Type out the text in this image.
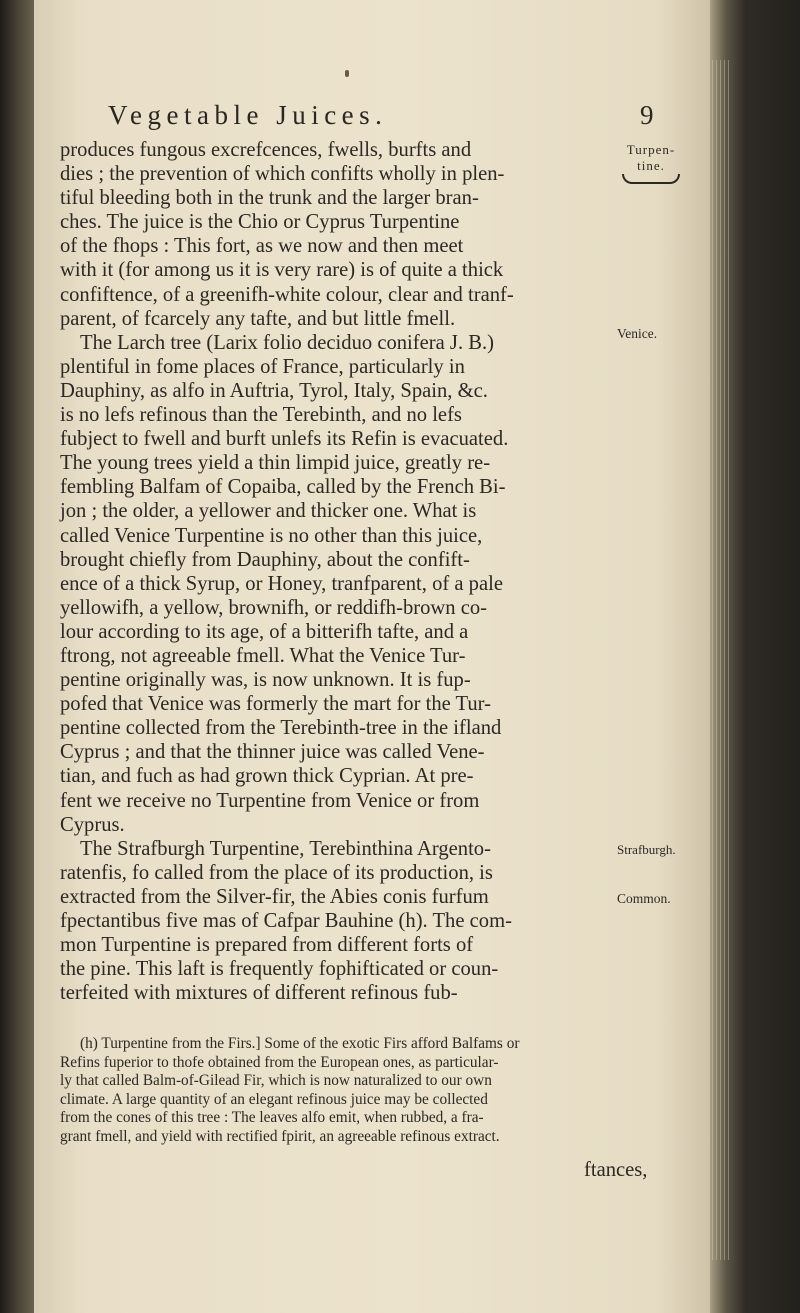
Vegetable Juices.	9
Turpen-
tine.
Venice.
Strafburgh.
Common.
produces fungous excrefcences, fwells, burfts and
dies ; the prevention of which confifts wholly in plen-
tiful bleeding both in the trunk and the larger bran-
ches. The juice is the Chio or Cyprus Turpentine
of the fhops : This fort, as we now and then meet
with it (for among us it is very rare) is of quite a thick
confiftence, of a greenifh-white colour, clear and tranf-
parent, of fcarcely any tafte, and but little fmell.
The Larch tree (Larix folio deciduo conifera J. B.)
plentiful in fome places of France, particularly in
Dauphiny, as alfo in Auftria, Tyrol, Italy, Spain, &c.
is no lefs refinous than the Terebinth, and no lefs
fubject to fwell and burft unlefs its Refin is evacuated.
The young trees yield a thin limpid juice, greatly re-
fembling Balfam of Copaiba, called by the French Bi-
jon ; the older, a yellower and thicker one. What is
called Venice Turpentine is no other than this juice,
brought chiefly from Dauphiny, about the confift-
ence of a thick Syrup, or Honey, tranfparent, of a pale
yellowifh, a yellow, brownifh, or reddifh-brown co-
lour according to its age, of a bitterifh tafte, and a
ftrong, not agreeable fmell. What the Venice Tur-
pentine originally was, is now unknown. It is fup-
pofed that Venice was formerly the mart for the Tur-
pentine collected from the Terebinth-tree in the ifland
Cyprus ; and that the thinner juice was called Vene-
tian, and fuch as had grown thick Cyprian. At pre-
fent we receive no Turpentine from Venice or from
Cyprus.
The Strafburgh Turpentine, Terebinthina Argento-
ratenfis, fo called from the place of its production, is
extracted from the Silver-fir, the Abies conis furfum
fpectantibus five mas of Cafpar Bauhine (h). The com-
mon Turpentine is prepared from different forts of
the pine. This laft is frequently fophifticated or coun-
terfeited with mixtures of different refinous fub-
(h) Turpentine from the Firs.] Some of the exotic Firs afford Balfams or
Refins fuperior to thofe obtained from the European ones, as particular-
ly that called Balm-of-Gilead Fir, which is now naturalized to our own
climate. A large quantity of an elegant refinous juice may be collected
from the cones of this tree : The leaves alfo emit, when rubbed, a fra-
grant fmell, and yield with rectified fpirit, an agreeable refinous extract.
ftances,
